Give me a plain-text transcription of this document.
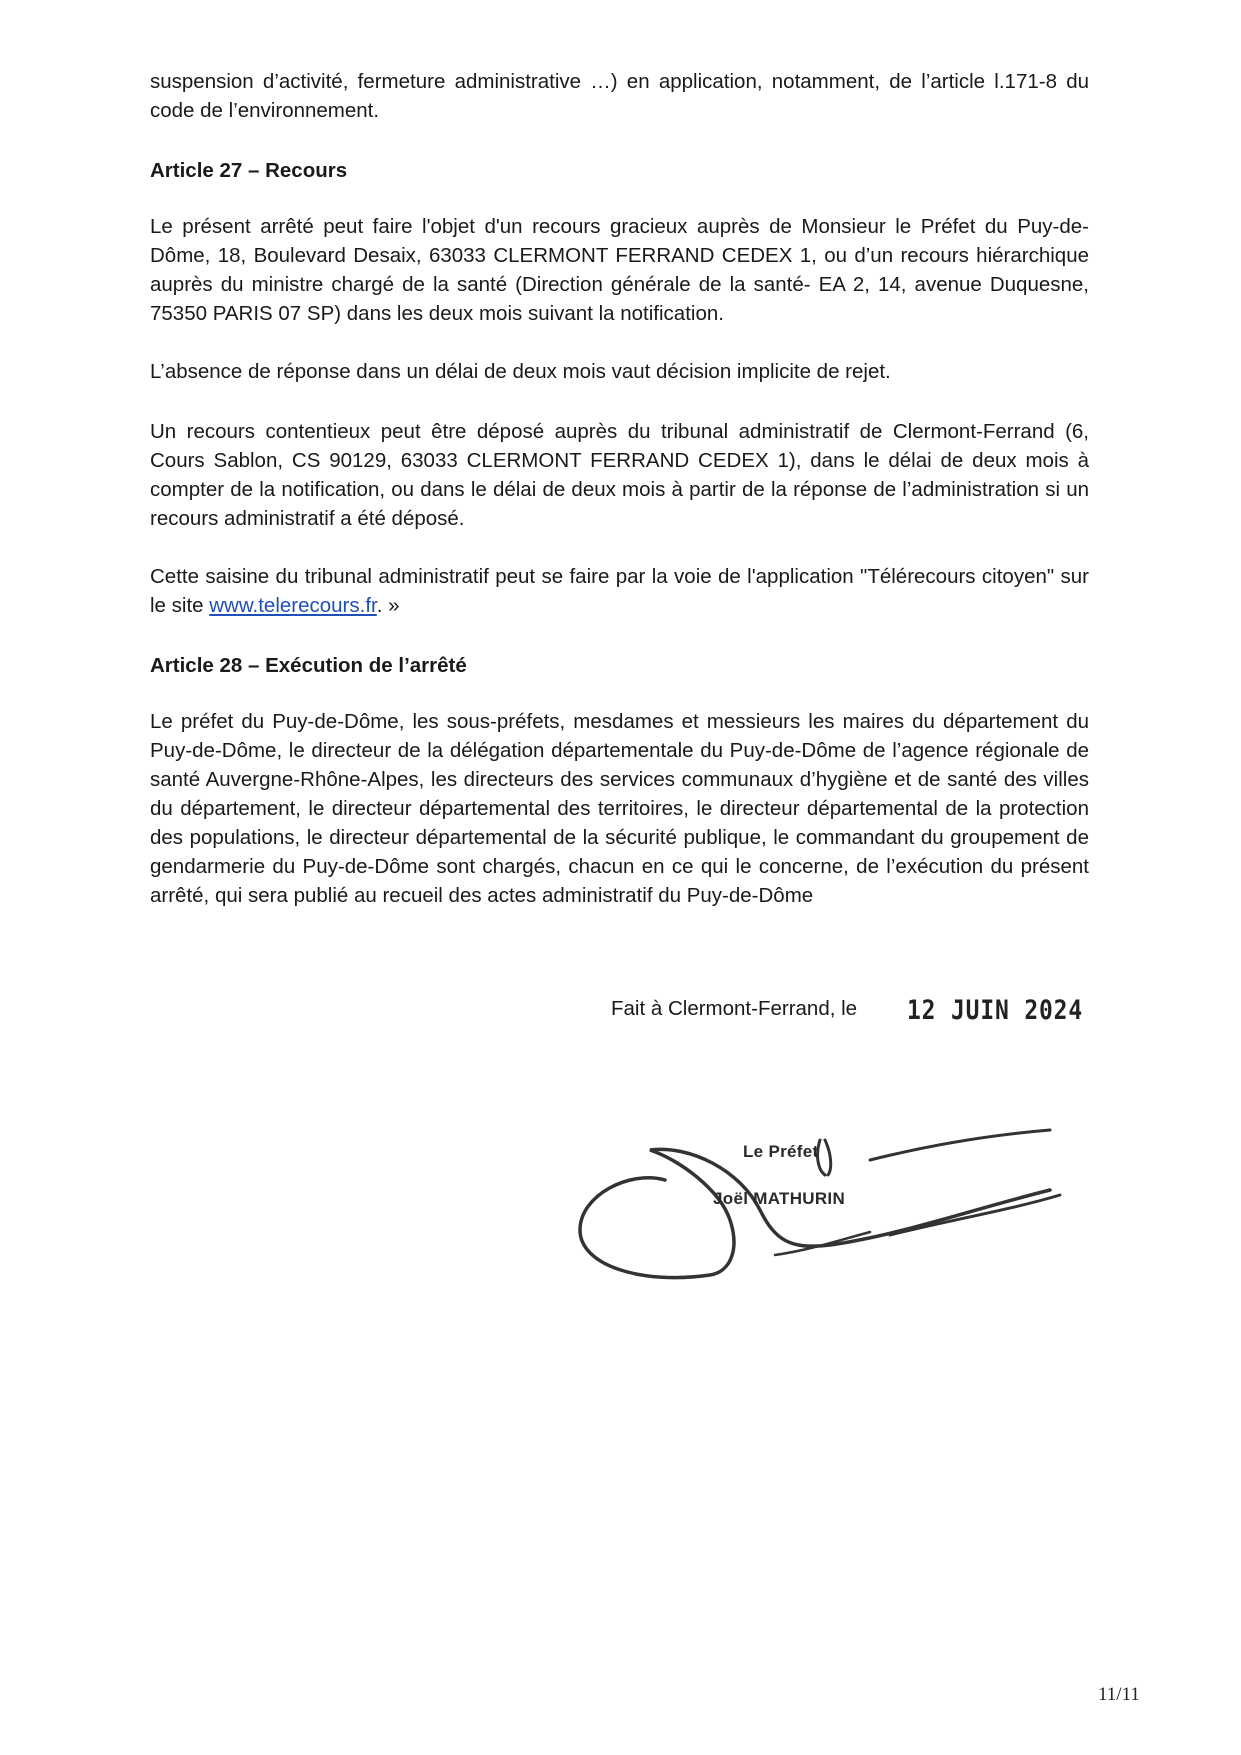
suspension d’activité, fermeture administrative …) en application, notamment, de l’article l.171-8 du code de l’environnement.

Article 27 – Recours

Le présent arrêté peut faire l'objet d'un recours gracieux auprès de Monsieur le Préfet du Puy-de-Dôme, 18, Boulevard Desaix, 63033 CLERMONT FERRAND CEDEX 1, ou d’un recours hiérarchique auprès du ministre chargé de la santé (Direction générale de la santé- EA 2, 14, avenue Duquesne, 75350 PARIS 07 SP) dans les deux mois suivant la notification.

L’absence de réponse dans un délai de deux mois vaut décision implicite de rejet.

Un recours contentieux peut être déposé auprès du tribunal administratif de Clermont-Ferrand (6, Cours Sablon, CS 90129, 63033 CLERMONT FERRAND CEDEX 1), dans le délai de deux mois à compter de la notification, ou dans le délai de deux mois à partir de la réponse de l’administration si un recours administratif a été déposé.

Cette saisine du tribunal administratif peut se faire par la voie de l'application "Télérecours citoyen" sur le site www.telerecours.fr. »

Article 28 – Exécution de l’arrêté

Le préfet du Puy-de-Dôme, les sous-préfets, mesdames et messieurs les maires du département du Puy-de-Dôme, le directeur de la délégation départementale du Puy-de-Dôme de l’agence régionale de santé Auvergne-Rhône-Alpes, les directeurs des services communaux d’hygiène et de santé des villes du département, le directeur départemental des territoires, le directeur départemental de la protection des populations, le directeur départemental de la sécurité publique, le commandant du groupement de gendarmerie du Puy-de-Dôme sont chargés, chacun en ce qui le concerne, de l’exécution du présent arrêté, qui sera publié au recueil des actes administratif du Puy-de-Dôme

Fait à Clermont-Ferrand, le 12 JUIN 2024
Le Préfet
Joël MATHURIN
11/11
